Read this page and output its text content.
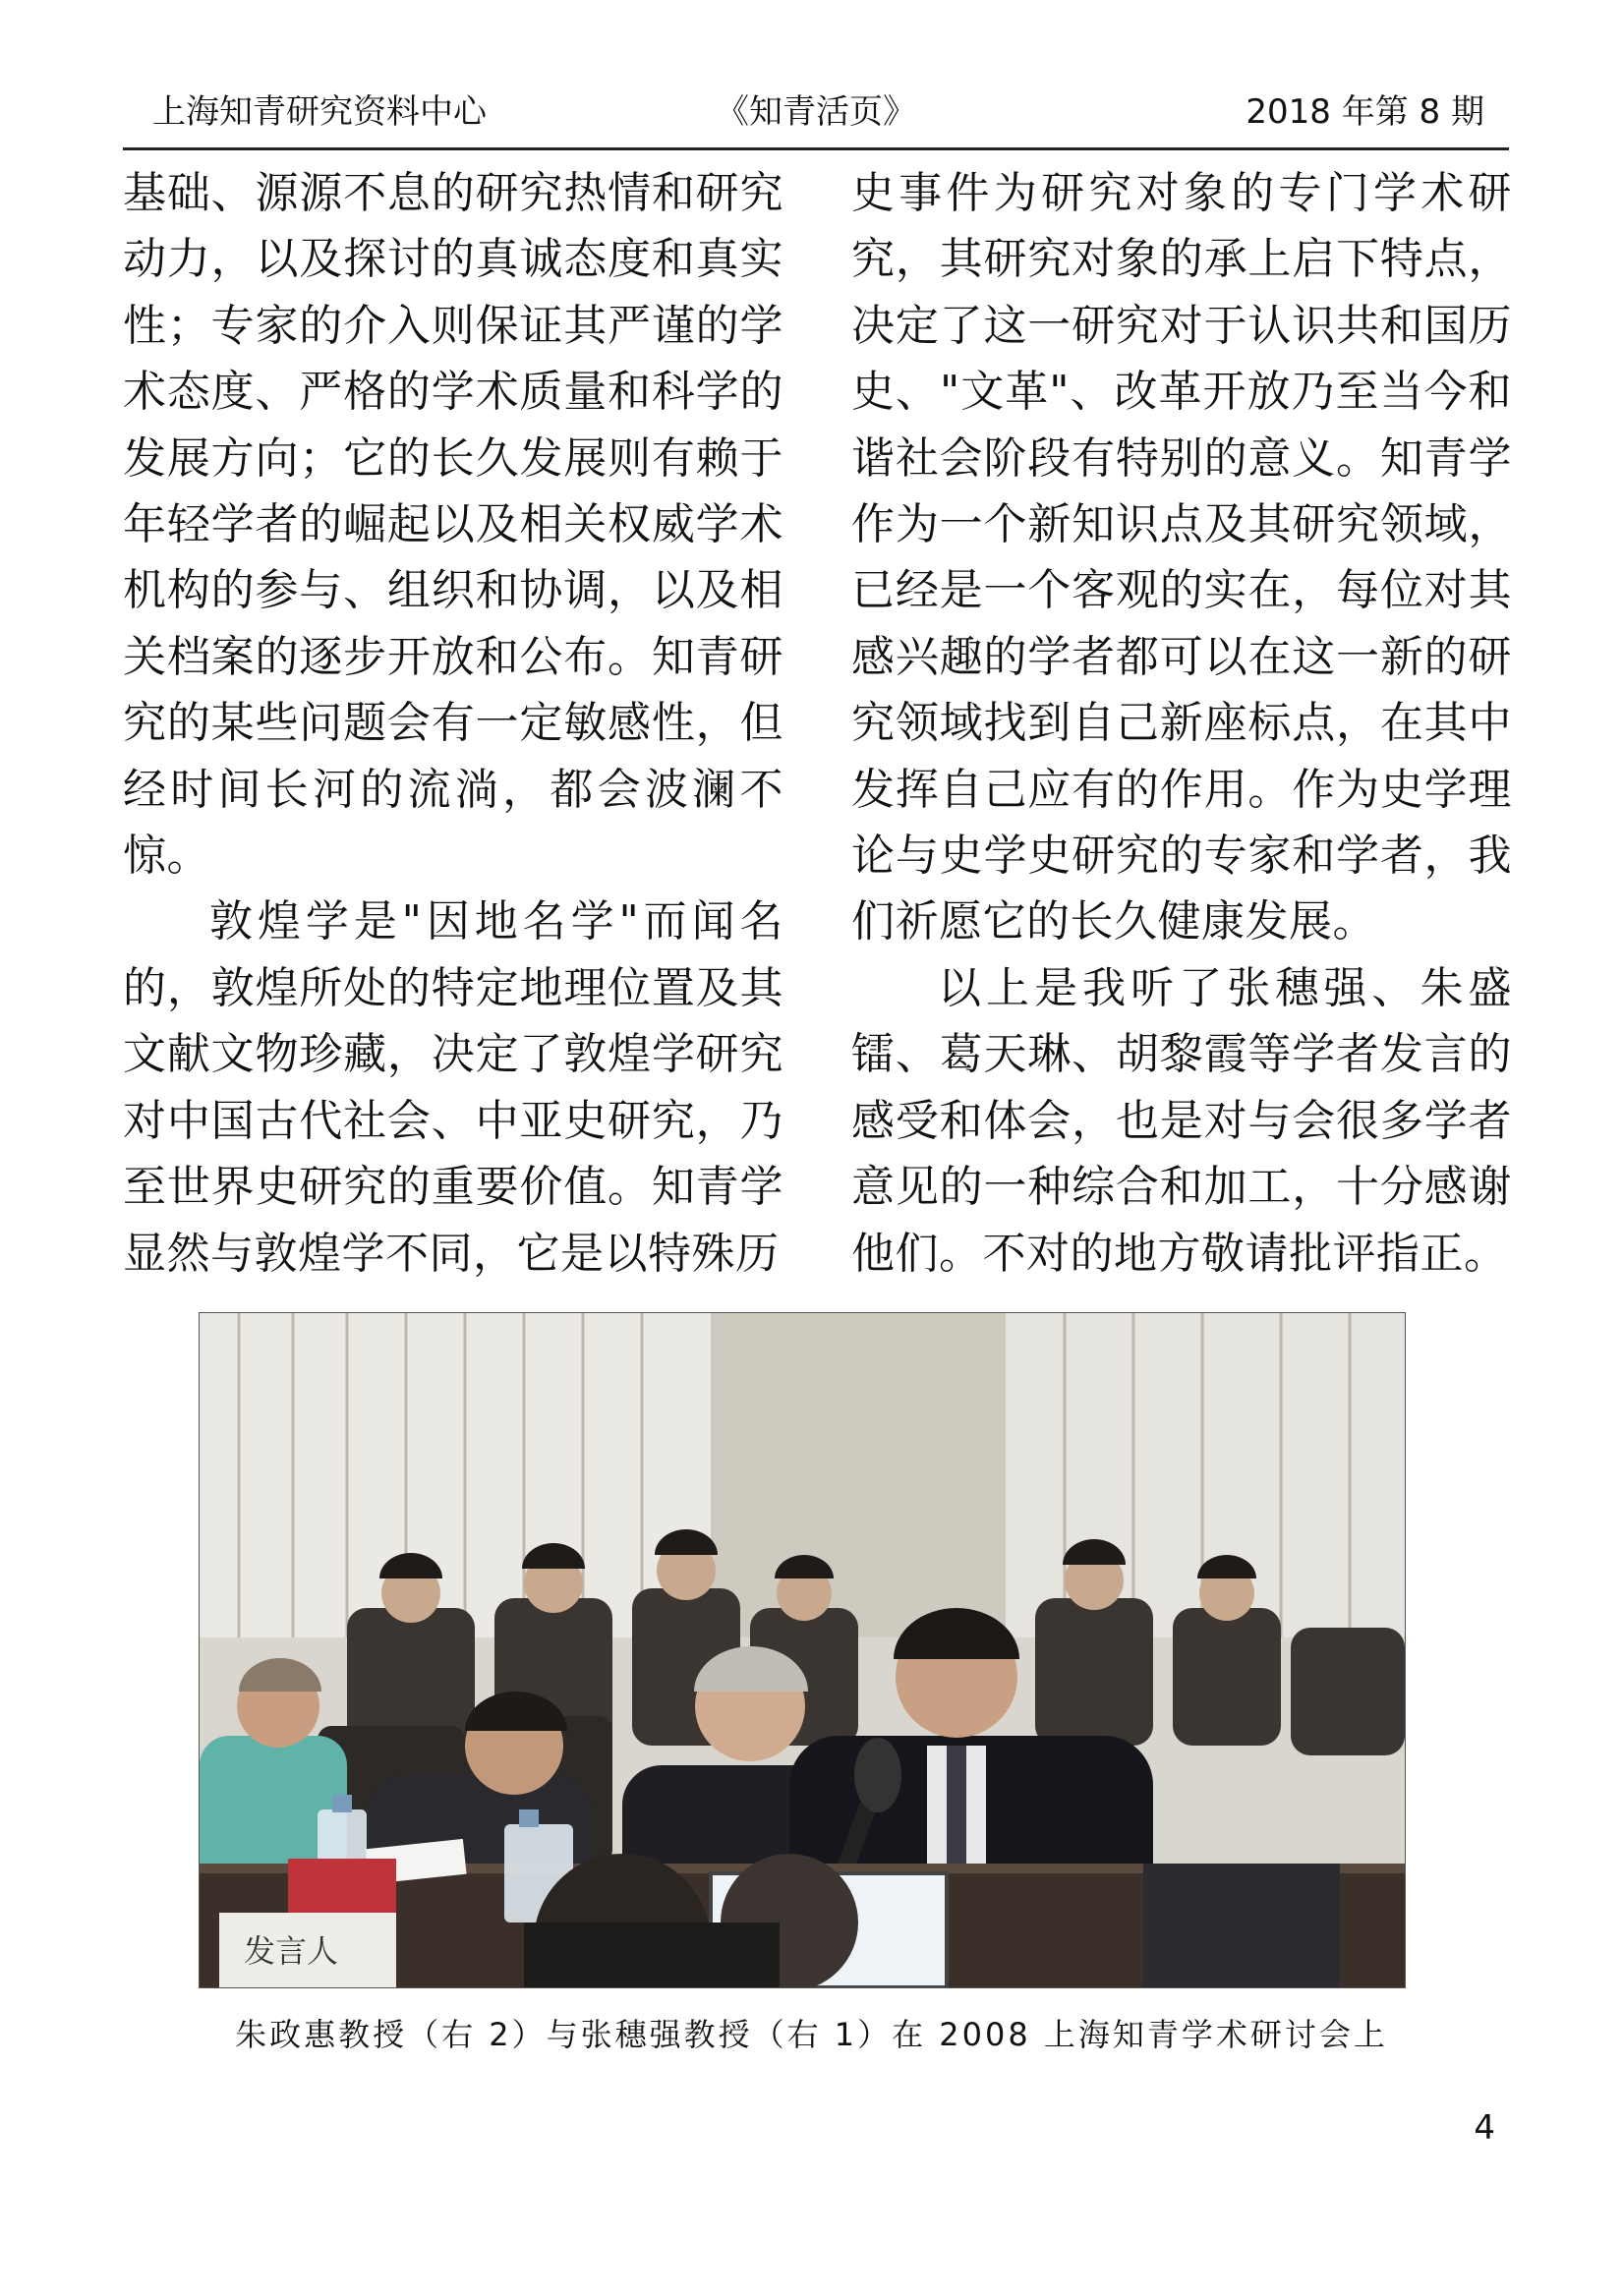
上海知青研究资料中心	《知青活页》	2018 年第 8 期

基础、源源不息的研究热情和研究动力，以及探讨的真诚态度和真实性；专家的介入则保证其严谨的学术态度、严格的学术质量和科学的发展方向；它的长久发展则有赖于年轻学者的崛起以及相关权威学术机构的参与、组织和协调，以及相关档案的逐步开放和公布。知青研究的某些问题会有一定敏感性，但经时间长河的流淌，都会波澜不惊。

敦煌学是"因地名学"而闻名的，敦煌所处的特定地理位置及其文献文物珍藏，决定了敦煌学研究对中国古代社会、中亚史研究，乃至世界史研究的重要价值。知青学显然与敦煌学不同，它是以特殊历

史事件为研究对象的专门学术研究，其研究对象的承上启下特点，决定了这一研究对于认识共和国历史、"文革"、改革开放乃至当今和谐社会阶段有特别的意义。知青学作为一个新知识点及其研究领域，已经是一个客观的实在，每位对其感兴趣的学者都可以在这一新的研究领域找到自己新座标点，在其中发挥自己应有的作用。作为史学理论与史学史研究的专家和学者，我们祈愿它的长久健康发展。

以上是我听了张穗强、朱盛镭、葛天琳、胡黎霞等学者发言的感受和体会，也是对与会很多学者意见的一种综合和加工，十分感谢他们。不对的地方敬请批评指正。

发言人
朱政惠教授（右 2）与张穗强教授（右 1）在 2008 上海知青学术研讨会上
4
